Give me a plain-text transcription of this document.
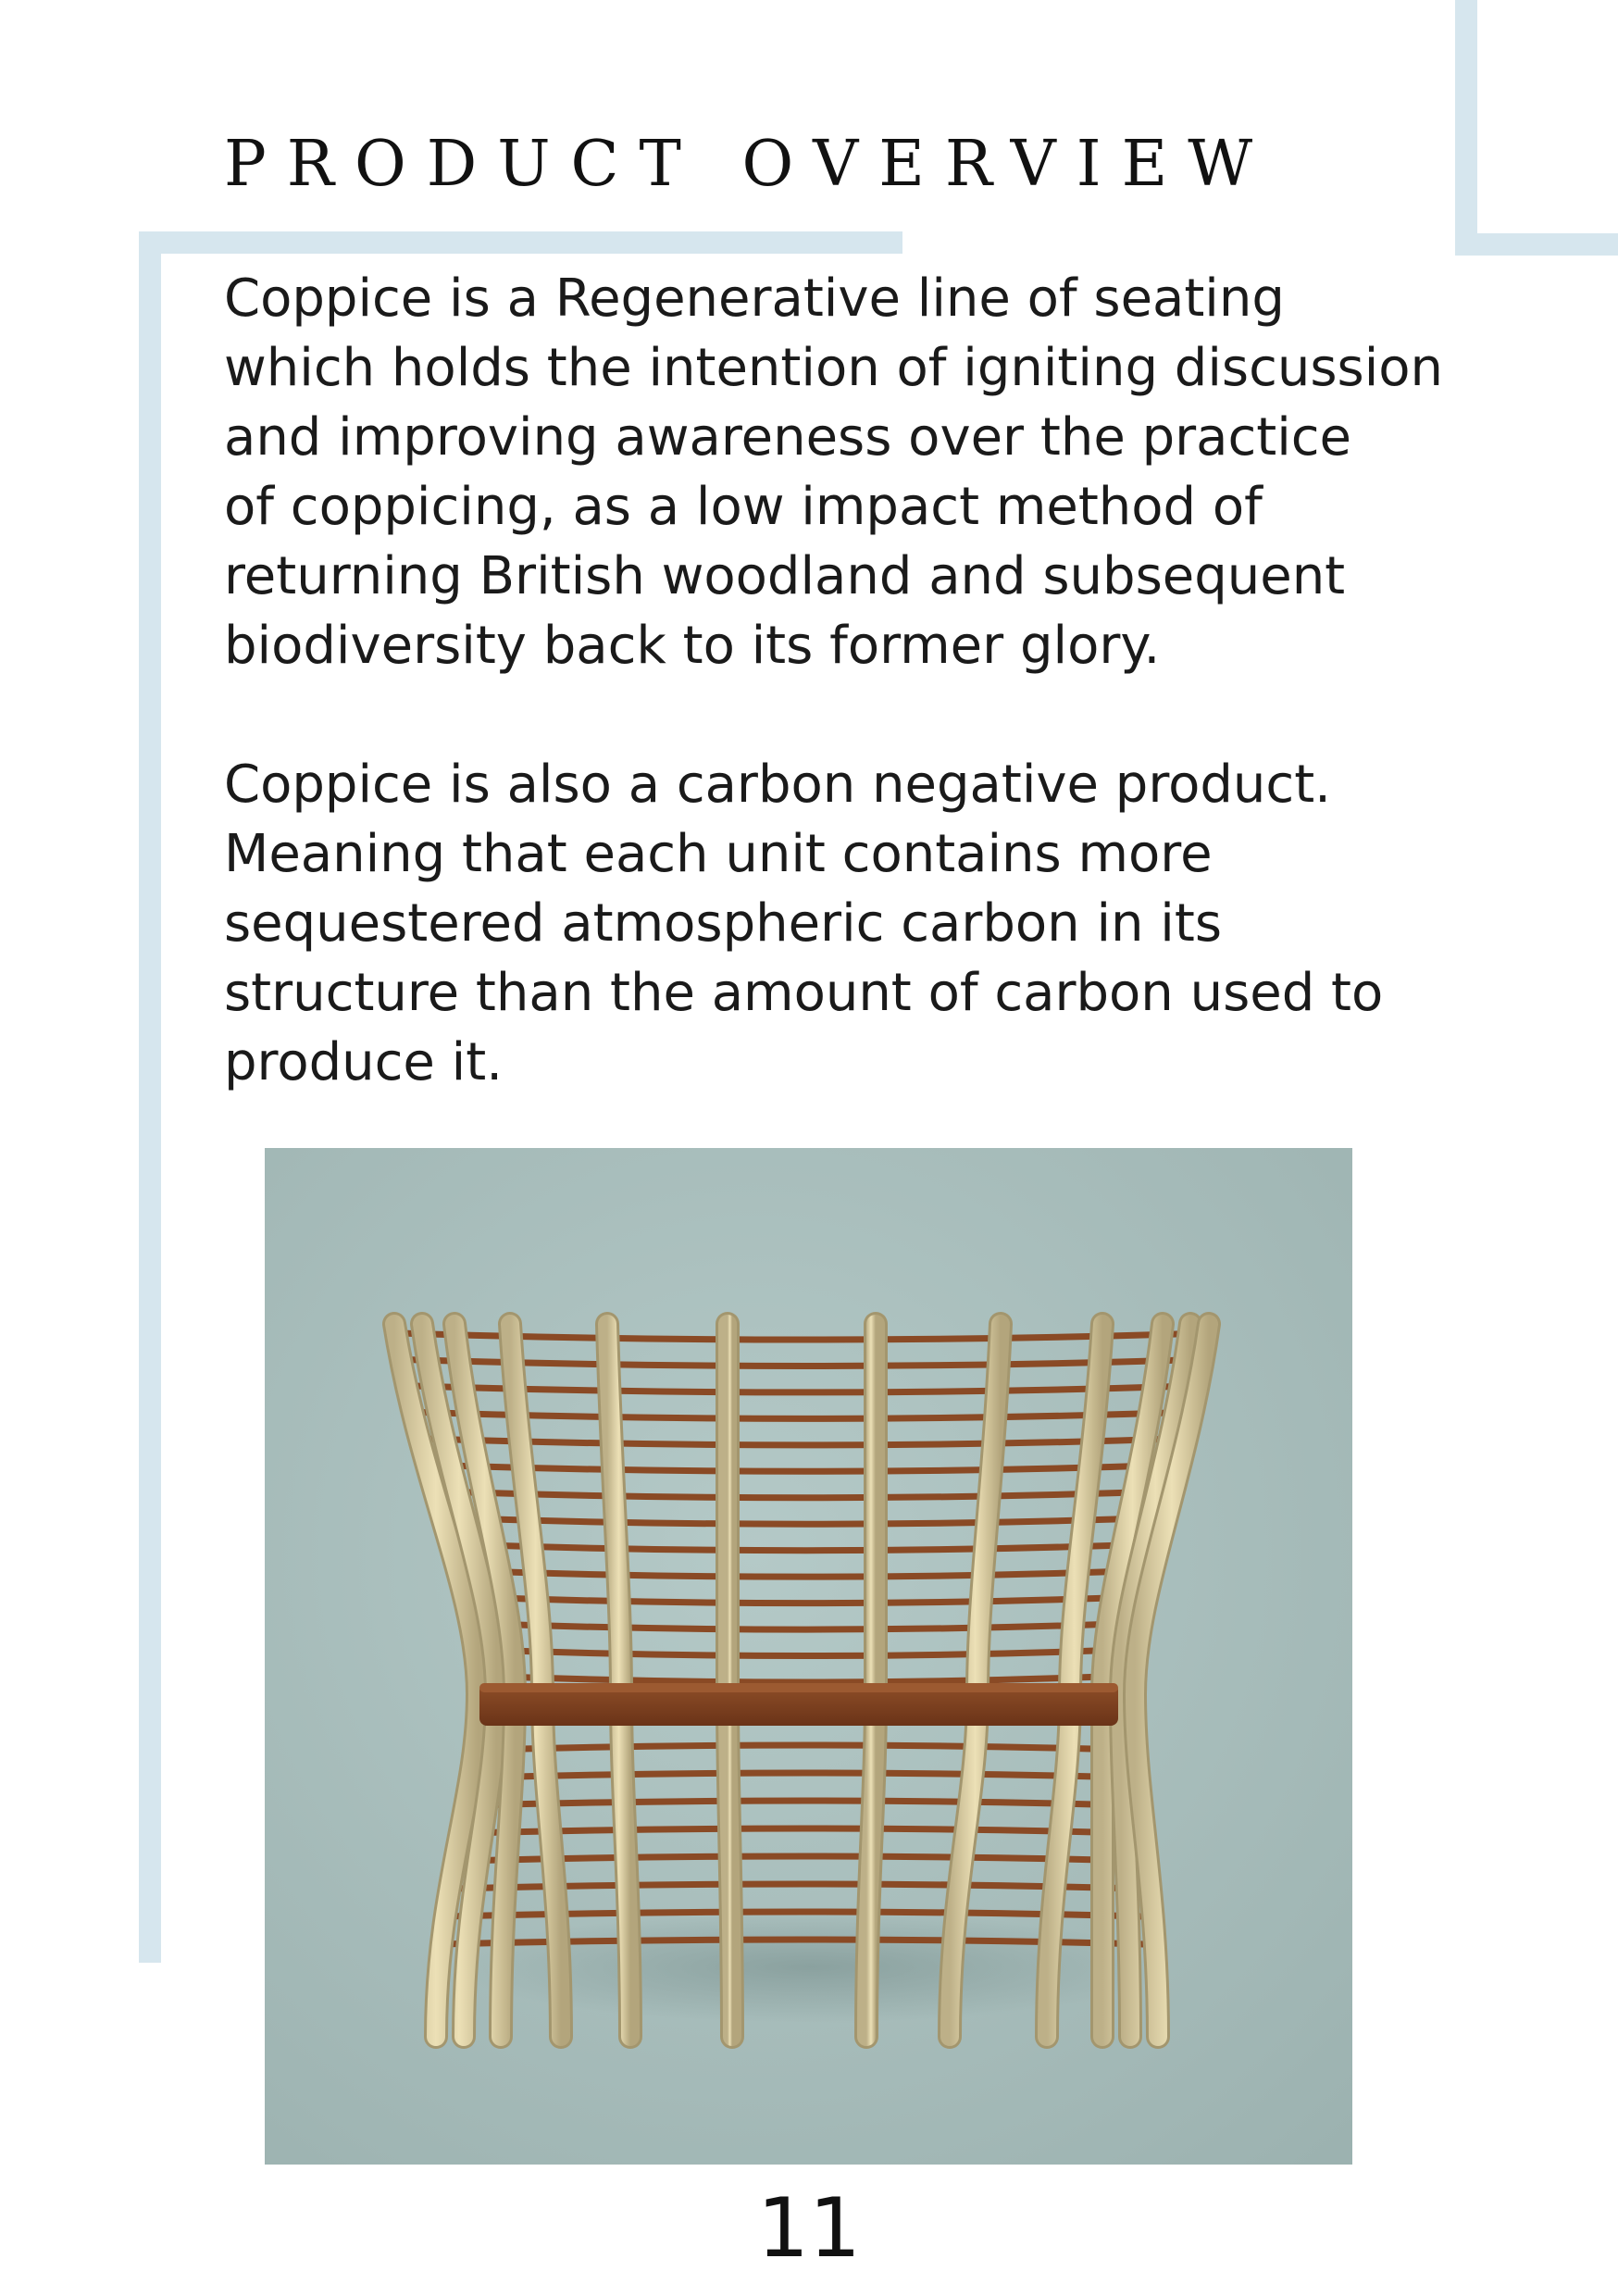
PRODUCT OVERVIEW

Coppice is a Regenerative line of seating
which holds the intention of igniting discussion
and improving awareness over the practice
of coppicing, as a low impact method of
returning British woodland and subsequent
biodiversity back to its former glory.

Coppice is also a carbon negative product.
Meaning that each unit contains more
sequestered atmospheric carbon in its
structure than the amount of carbon used to
produce it.

11
